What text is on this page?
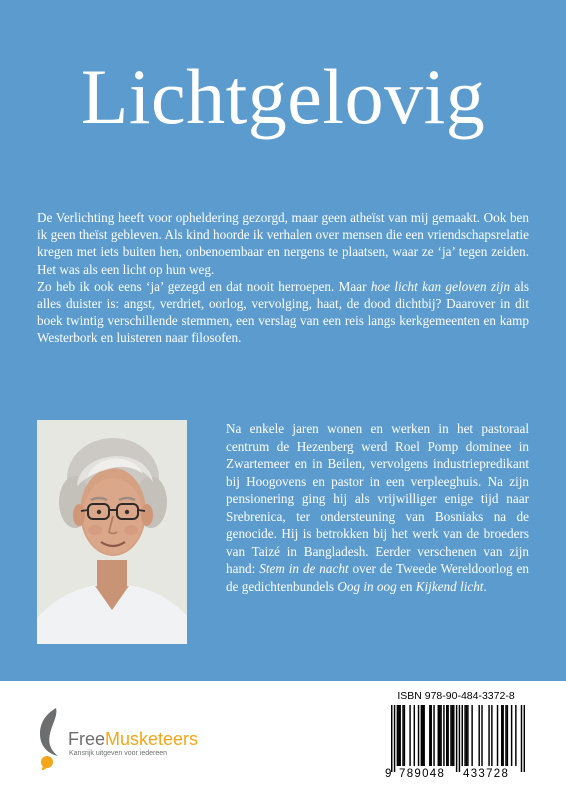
Lichtgelovig

De Verlichting heeft voor opheldering gezorgd, maar geen atheïst van mij gemaakt. Ook ben ik geen theïst gebleven. Als kind hoorde ik verhalen over mensen die een vriendschapsrelatie kregen met iets buiten hen, onbenoembaar en nergens te plaatsen, waar ze ‘ja’ tegen zeiden. Het was als een licht op hun weg.

Zo heb ik ook eens ‘ja’ gezegd en dat nooit herroepen. Maar hoe licht kan geloven zijn als alles duister is: angst, verdriet, oorlog, vervolging, haat, de dood dichtbij? Daarover in dit boek twintig verschillende stemmen, een verslag van een reis langs kerkgemeenten en kamp Westerbork en luisteren naar filosofen.

Na enkele jaren wonen en werken in het pastoraal centrum de Hezenberg werd Roel Pomp dominee in Zwartemeer en in Beilen, vervolgens industriepredikant bij Hoogovens en pastor in een verpleeghuis. Na zijn pensionering ging hij als vrijwilliger enige tijd naar Srebrenica, ter ondersteuning van Bosniaks na de genocide. Hij is betrokken bij het werk van de broeders van Taizé in Bangladesh. Eerder verschenen van zijn hand: Stem in de nacht over de Tweede Wereldoorlog en de gedichtenbundels Oog in oog en Kijkend licht.

FreeMusketeers
Kansrijk uitgeven voor iedereen
ISBN 978-90-484-3372-8
9 789048 433728
